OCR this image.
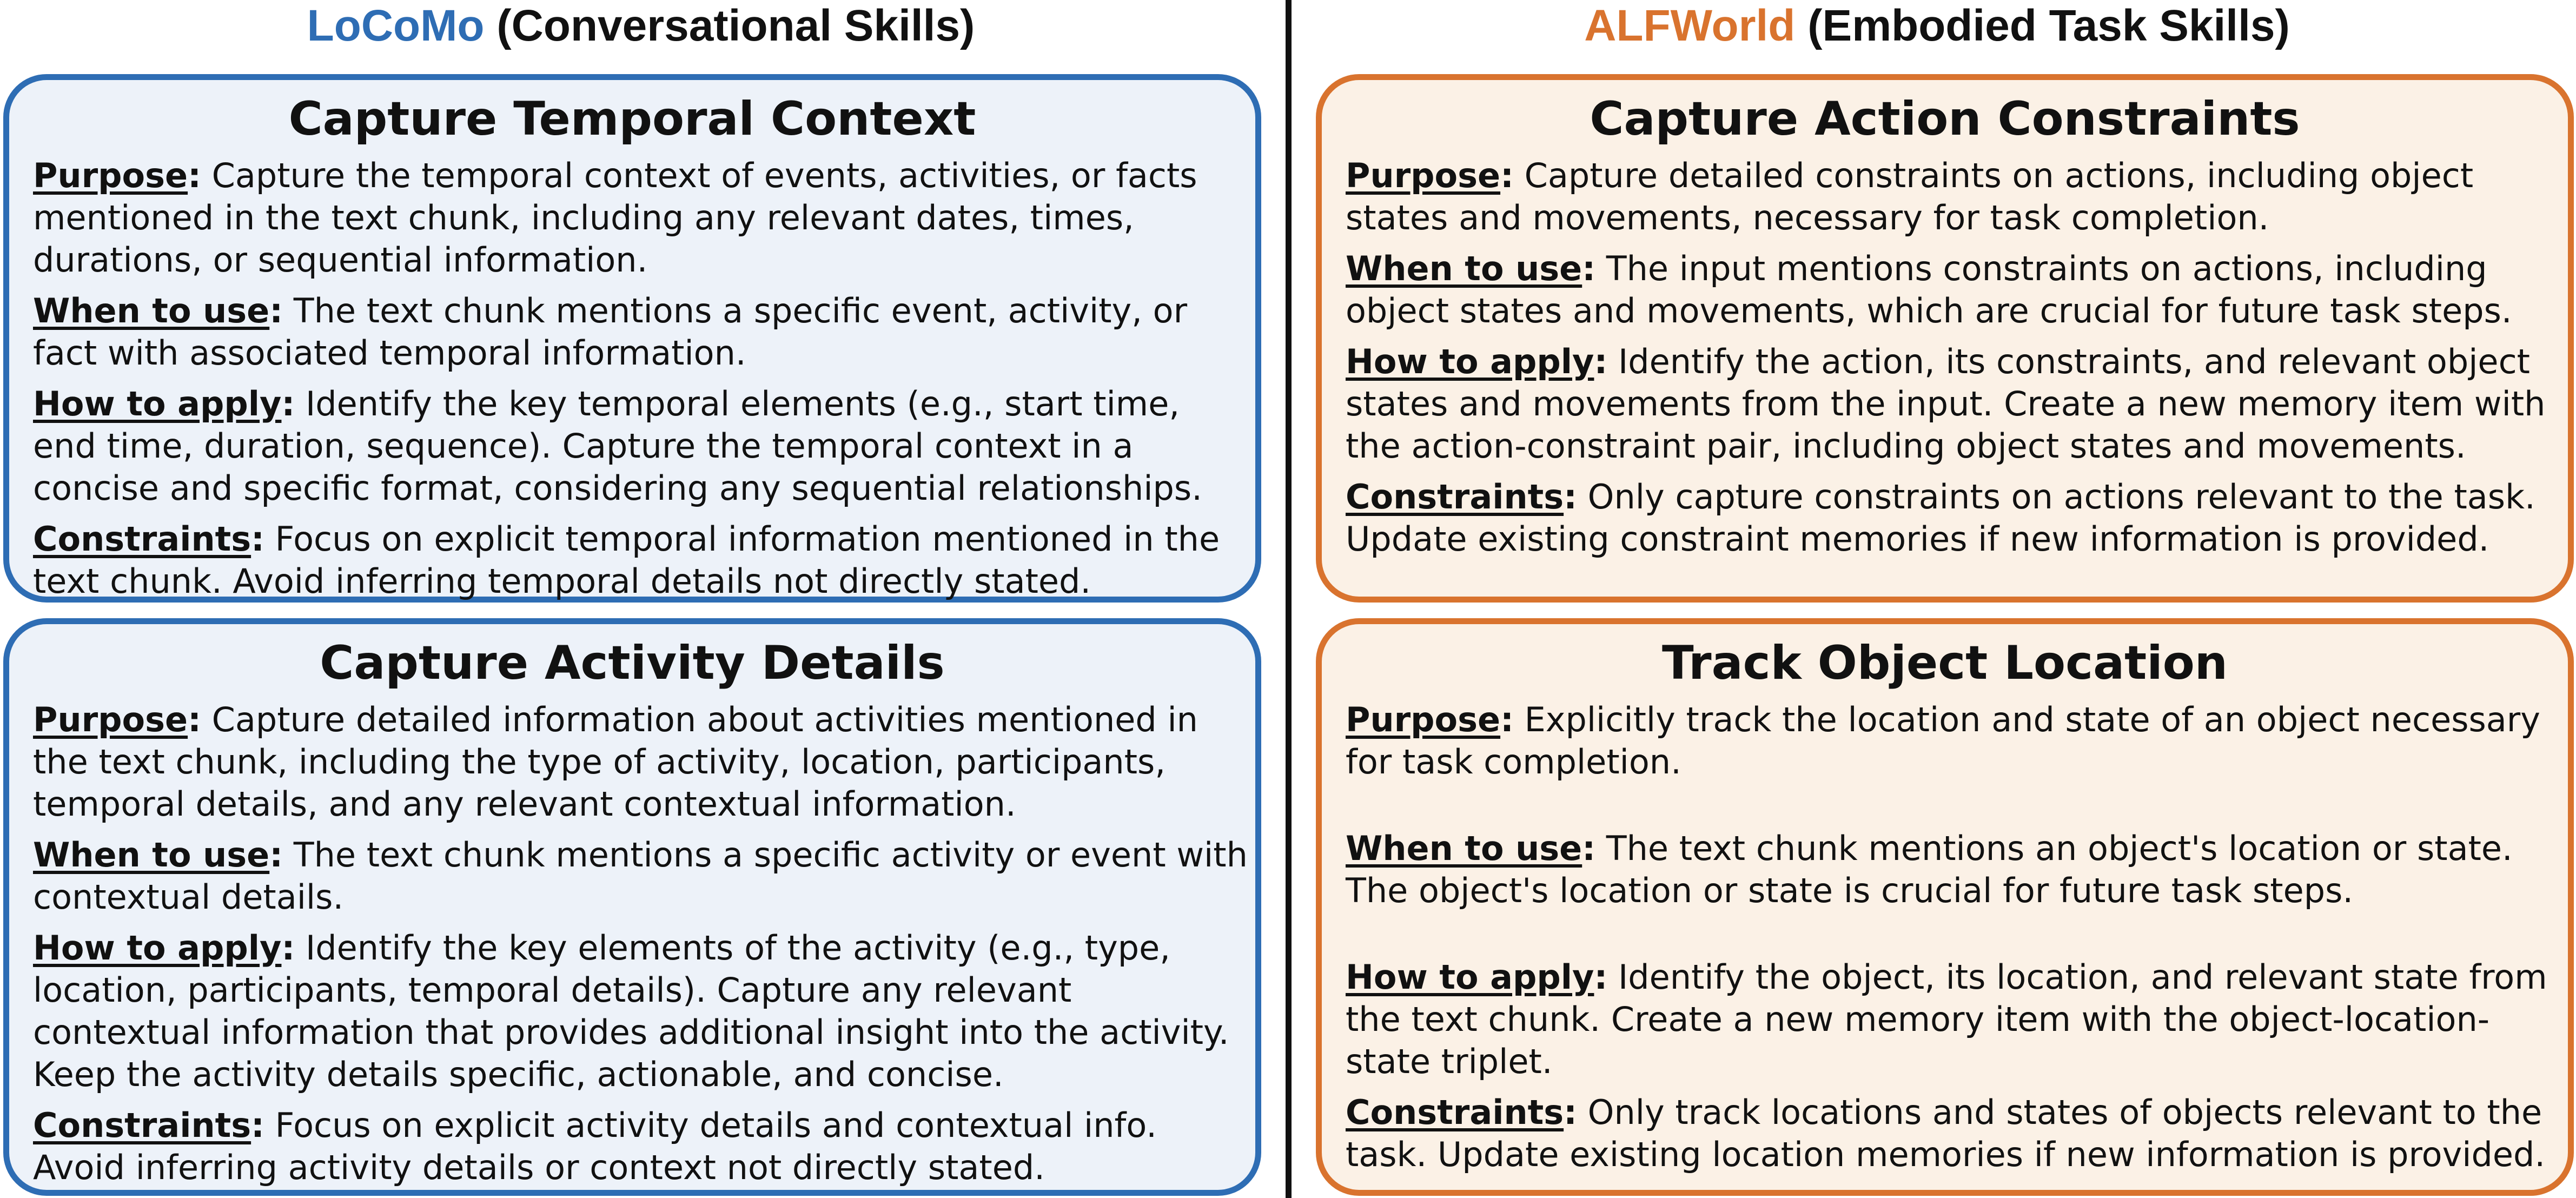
LoCoMo (Conversational Skills)	ALFWorld (Embodied Task Skills)
Capture Temporal Context
Purpose: Capture the temporal context of events, activities, or facts mentioned in the text chunk, including any relevant dates, times, durations, or sequential information.
When to use: The text chunk mentions a specific event, activity, or fact with associated temporal information.
How to apply: Identify the key temporal elements (e.g., start time, end time, duration, sequence). Capture the temporal context in a concise and specific format, considering any sequential relationships.
Constraints: Focus on explicit temporal information mentioned in the text chunk. Avoid inferring temporal details not directly stated.
Capture Activity Details
Purpose: Capture detailed information about activities mentioned in the text chunk, including the type of activity, location, participants, temporal details, and any relevant contextual information.
When to use: The text chunk mentions a specific activity or event with contextual details.
How to apply: Identify the key elements of the activity (e.g., type, location, participants, temporal details). Capture any relevant contextual information that provides additional insight into the activity. Keep the activity details specific, actionable, and concise.
Constraints: Focus on explicit activity details and contextual info. Avoid inferring activity details or context not directly stated.
Capture Action Constraints
Purpose: Capture detailed constraints on actions, including object states and movements, necessary for task completion.
When to use: The input mentions constraints on actions, including object states and movements, which are crucial for future task steps.
How to apply: Identify the action, its constraints, and relevant object states and movements from the input. Create a new memory item with the action-constraint pair, including object states and movements.
Constraints: Only capture constraints on actions relevant to the task. Update existing constraint memories if new information is provided.
Track Object Location
Purpose: Explicitly track the location and state of an object necessary for task completion.
When to use: The text chunk mentions an object's location or state. The object's location or state is crucial for future task steps.
How to apply: Identify the object, its location, and relevant state from the text chunk. Create a new memory item with the object-location-state triplet.
Constraints: Only track locations and states of objects relevant to the task. Update existing location memories if new information is provided.
